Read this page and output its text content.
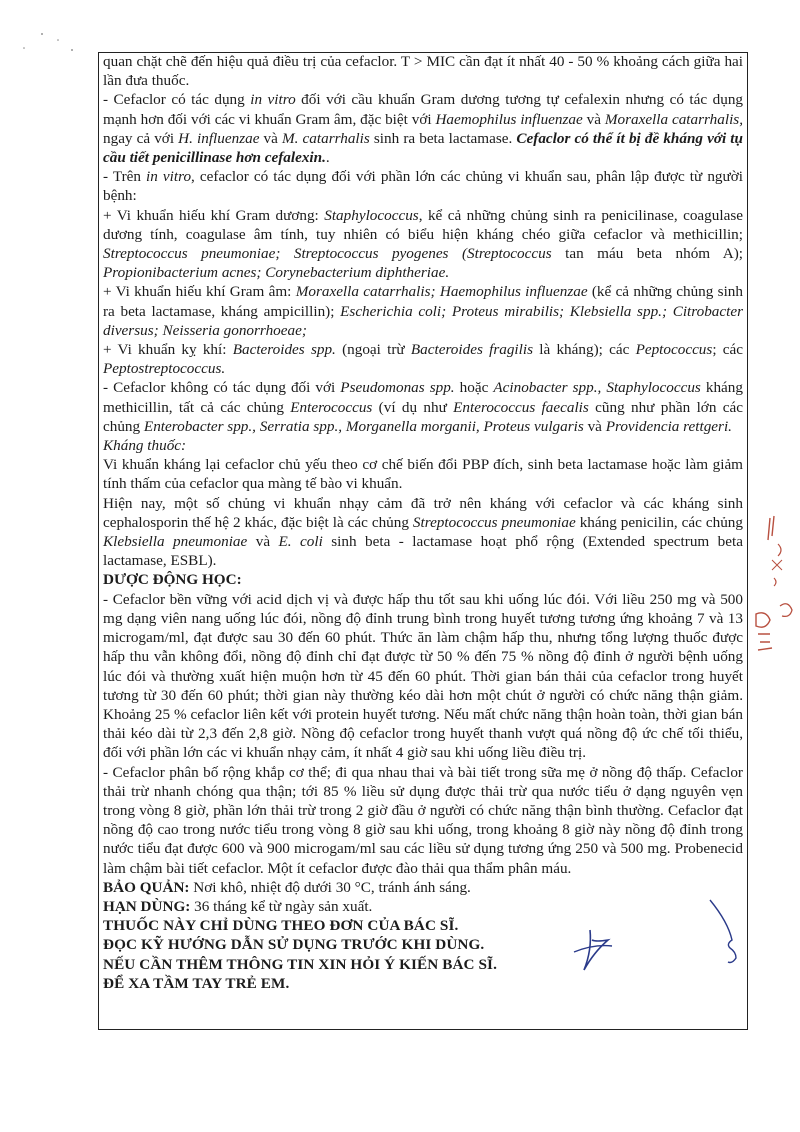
quan chặt chẽ đến hiệu quả điều trị của cefaclor. T > MIC cần đạt ít nhất 40 - 50 % khoảng cách giữa hai lần đưa thuốc.

- Cefaclor có tác dụng in vitro đối với cầu khuẩn Gram dương tương tự cefalexin nhưng có tác dụng mạnh hơn đối với các vi khuẩn Gram âm, đặc biệt với Haemophilus influenzae và Moraxella catarrhalis, ngay cả với H. influenzae và M. catarrhalis sinh ra beta lactamase. Cefaclor có thể ít bị đề kháng với tụ cầu tiết penicillinase hơn cefalexin..

- Trên in vitro, cefaclor có tác dụng đối với phần lớn các chủng vi khuẩn sau, phân lập được từ người bệnh:

+ Vi khuẩn hiếu khí Gram dương: Staphylococcus, kể cả những chủng sinh ra penicilinase, coagulase dương tính, coagulase âm tính, tuy nhiên có biểu hiện kháng chéo giữa cefaclor và methicillin; Streptococcus pneumoniae; Streptococcus pyogenes (Streptococcus tan máu beta nhóm A); Propionibacterium acnes; Corynebacterium diphtheriae.

+ Vi khuẩn hiếu khí Gram âm: Moraxella catarrhalis; Haemophilus influenzae (kể cả những chủng sinh ra beta lactamase, kháng ampicillin); Escherichia coli; Proteus mirabilis; Klebsiella spp.; Citrobacter diversus; Neisseria gonorrhoeae;

+ Vi khuẩn kỵ khí: Bacteroides spp. (ngoại trừ Bacteroides fragilis là kháng); các Peptococcus; các Peptostreptococcus.

- Cefaclor không có tác dụng đối với Pseudomonas spp. hoặc Acinobacter spp., Staphylococcus kháng methicillin, tất cả các chủng Enterococcus (ví dụ như Enterococcus faecalis cũng như phần lớn các chủng Enterobacter spp., Serratia spp., Morganella morganii, Proteus vulgaris và Providencia rettgeri.

Kháng thuốc:

Vi khuẩn kháng lại cefaclor chủ yếu theo cơ chế biến đổi PBP đích, sinh beta lactamase hoặc làm giảm tính thấm của cefaclor qua màng tế bào vi khuẩn.

Hiện nay, một số chủng vi khuẩn nhạy cảm đã trở nên kháng với cefaclor và các kháng sinh cephalosporin thế hệ 2 khác, đặc biệt là các chủng Streptococcus pneumoniae kháng penicilin, các chủng Klebsiella pneumoniae và E. coli sinh beta - lactamase hoạt phổ rộng (Extended spectrum beta lactamase, ESBL).

DƯỢC ĐỘNG HỌC:

- Cefaclor bền vững với acid dịch vị và được hấp thu tốt sau khi uống lúc đói. Với liều 250 mg và 500 mg dạng viên nang uống lúc đói, nồng độ đỉnh trung bình trong huyết tương tương ứng khoảng 7 và 13 microgam/ml, đạt được sau 30 đến 60 phút. Thức ăn làm chậm hấp thu, nhưng tổng lượng thuốc được hấp thu vẫn không đổi, nồng độ đỉnh chỉ đạt được từ 50 % đến 75 % nồng độ đỉnh ở người bệnh uống lúc đói và thường xuất hiện muộn hơn từ 45 đến 60 phút. Thời gian bán thải của cefaclor trong huyết tương từ 30 đến 60 phút; thời gian này thường kéo dài hơn một chút ở người có chức năng thận giảm. Khoảng 25 % cefaclor liên kết với protein huyết tương. Nếu mất chức năng thận hoàn toàn, thời gian bán thải kéo dài từ 2,3 đến 2,8 giờ. Nồng độ cefaclor trong huyết thanh vượt quá nồng độ ức chế tối thiểu, đối với phần lớn các vi khuẩn nhạy cảm, ít nhất 4 giờ sau khi uống liều điều trị.

- Cefaclor phân bố rộng khắp cơ thể; đi qua nhau thai và bài tiết trong sữa mẹ ở nồng độ thấp. Cefaclor thải trừ nhanh chóng qua thận; tới 85 % liều sử dụng được thải trừ qua nước tiểu ở dạng nguyên vẹn trong vòng 8 giờ, phần lớn thải trừ trong 2 giờ đầu ở người có chức năng thận bình thường. Cefaclor đạt nồng độ cao trong nước tiểu trong vòng 8 giờ sau khi uống, trong khoảng 8 giờ này nồng độ đỉnh trong nước tiểu đạt được 600 và 900 microgam/ml sau các liều sử dụng tương ứng 250 và 500 mg. Probenecid làm chậm bài tiết cefaclor. Một ít cefaclor được đào thải qua thẩm phân máu.

BẢO QUẢN: Nơi khô, nhiệt độ dưới 30 °C, tránh ánh sáng.

HẠN DÙNG: 36 tháng kể từ ngày sản xuất.

THUỐC NÀY CHỈ DÙNG THEO ĐƠN CỦA BÁC SĨ.

ĐỌC KỸ HƯỚNG DẪN SỬ DỤNG TRƯỚC KHI DÙNG.

NẾU CẦN THÊM THÔNG TIN XIN HỎI Ý KIẾN BÁC SĨ.

ĐỂ XA TẦM TAY TRẺ EM.
